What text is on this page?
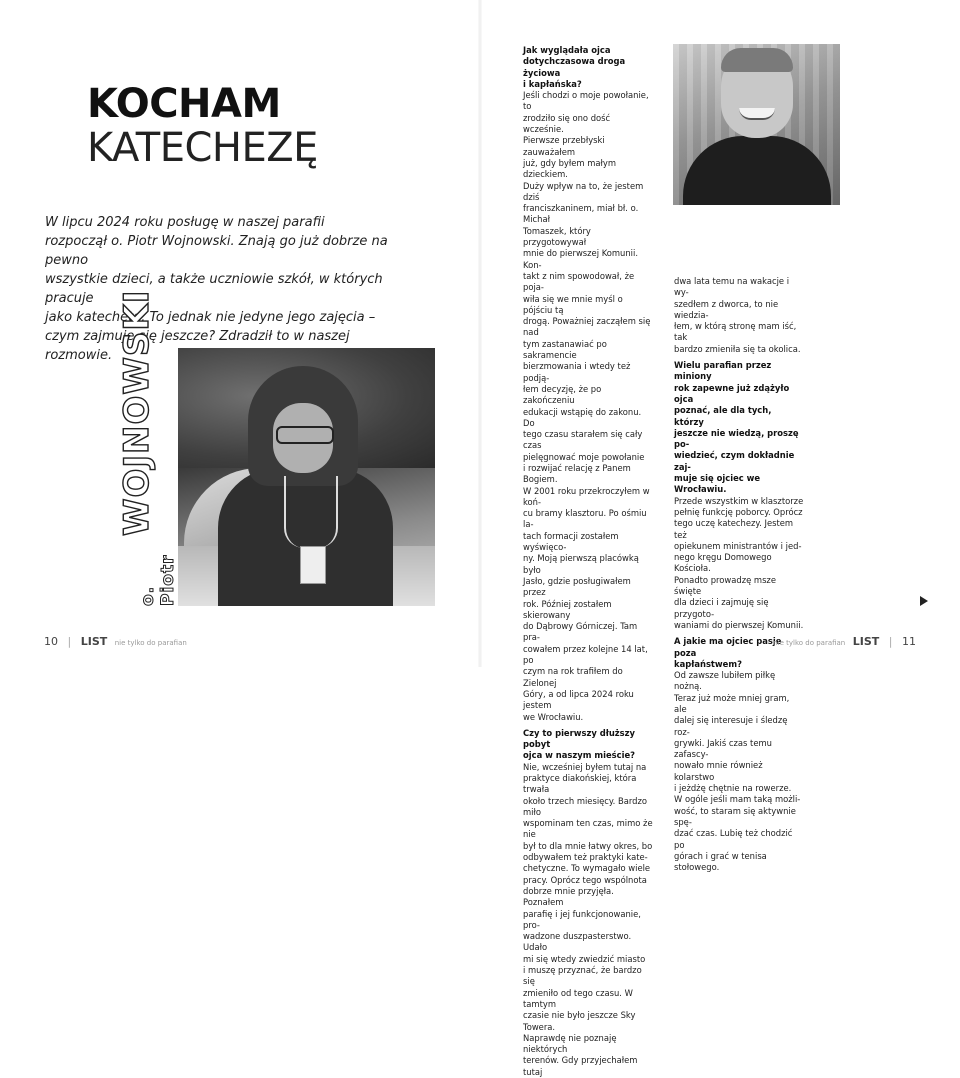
KOCHAM
KATECHEZĘ

W lipcu 2024 roku posługę w naszej parafii

rozpoczął o. Piotr Wojnowski. Znają go już dobrze na pewno

wszystkie dzieci, a także uczniowie szkół, w których pracuje

jako katecheta. To jednak nie jedyne jego zajęcia –

czym zajmuje się jeszcze? Zdradził to w naszej rozmowie.

o. Piotr
WOJNOWSKI
10 | LIST nie tylko do parafian

Jak wyglądała ojca

dotychczasowa droga życiowa

i kapłańska?

Jeśli chodzi o moje powołanie, to

zrodziło się ono dość wcześnie.

Pierwsze przebłyski zauważałem

już, gdy byłem małym dzieckiem.

Duży wpływ na to, że jestem dziś

franciszkaninem, miał bł. o. Michał

Tomaszek, który przygotowywał

mnie do pierwszej Komunii. Kon-

takt z nim spowodował, że poja-

wiła się we mnie myśl o pójściu tą

drogą. Poważniej zacząłem się nad

tym zastanawiać po sakramencie

bierzmowania i wtedy też podją-

łem decyzję, że po zakończeniu

edukacji wstąpię do zakonu. Do

tego czasu starałem się cały czas

pielęgnować moje powołanie

i rozwijać relację z Panem Bogiem.

W 2001 roku przekroczyłem w koń-

cu bramy klasztoru. Po ośmiu la-

tach formacji zostałem wyświęco-

ny. Moją pierwszą placówką było

Jasło, gdzie posługiwałem przez

rok. Później zostałem skierowany

do Dąbrowy Górniczej. Tam pra-

cowałem przez kolejne 14 lat, po

czym na rok trafiłem do Zielonej

Góry, a od lipca 2024 roku jestem

we Wrocławiu.

Czy to pierwszy dłuższy pobyt

ojca w naszym mieście?

Nie, wcześniej byłem tutaj na

praktyce diakońskiej, która trwała

około trzech miesięcy. Bardzo miło

wspominam ten czas, mimo że nie

był to dla mnie łatwy okres, bo

odbywałem też praktyki kate-

chetyczne. To wymagało wiele

pracy. Oprócz tego wspólnota

dobrze mnie przyjęła. Poznałem

parafię i jej funkcjonowanie, pro-

wadzone duszpasterstwo. Udało

mi się wtedy zwiedzić miasto

i muszę przyznać, że bardzo się

zmieniło od tego czasu. W tamtym

czasie nie było jeszcze Sky Towera.

Naprawdę nie poznaję niektórych

terenów. Gdy przyjechałem tutaj

dwa lata temu na wakacje i wy-

szedłem z dworca, to nie wiedzia-

łem, w którą stronę mam iść, tak

bardzo zmieniła się ta okolica.

Wielu parafian przez miniony

rok zapewne już zdążyło ojca

poznać, ale dla tych, którzy

jeszcze nie wiedzą, proszę po-

wiedzieć, czym dokładnie zaj-

muje się ojciec we Wrocławiu.

Przede wszystkim w klasztorze

pełnię funkcję poborcy. Oprócz

tego uczę katechezy. Jestem też

opiekunem ministrantów i jed-

nego kręgu Domowego Kościoła.

Ponadto prowadzę msze święte

dla dzieci i zajmuję się przygoto-

waniami do pierwszej Komunii.

A jakie ma ojciec pasje poza

kapłaństwem?

Od zawsze lubiłem piłkę nożną.

Teraz już może mniej gram, ale

dalej się interesuje i śledzę roz-

grywki. Jakiś czas temu zafascy-

nowało mnie również kolarstwo

i jeżdżę chętnie na rowerze.

W ogóle jeśli mam taką możli-

wość, to staram się aktywnie spę-

dzać czas. Lubię też chodzić po

górach i grać w tenisa stołowego.

nie tylko do parafian LIST | 11
